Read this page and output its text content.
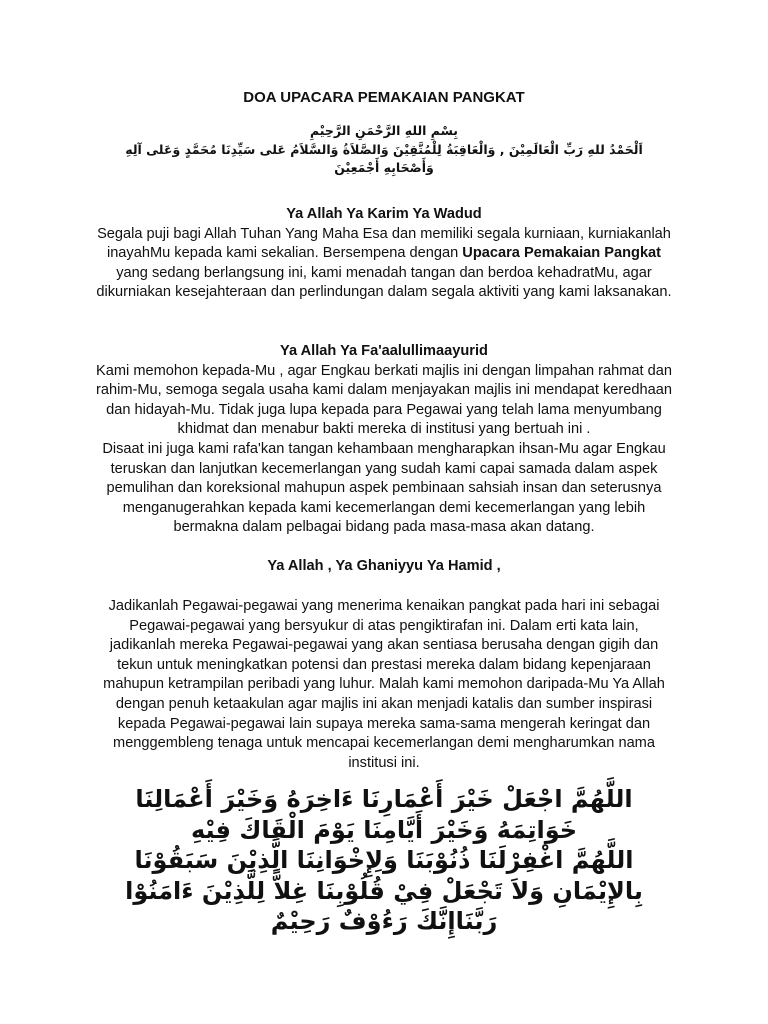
DOA UPACARA PEMAKAIAN PANGKAT
بِسْمِ اللهِ الرَّحْمَنِ الرَّحِيْمِ
اَلْحَمْدُ للهِ رَبِّ الْعَالَمِيْنَ , وَالْعَاقِبَةُ لِلْمُتَّقِيْنَ وَالصَّلاَةُ وَالسَّلاَمُ عَلى سَيِّدِنَا مُحَمَّدٍ وَعَلى آلِهِ
وَأَصْحَابِهِ أَجْمَعِيْنَ
Ya Allah Ya Karim Ya Wadud

Segala puji bagi Allah Tuhan Yang Maha Esa dan memiliki segala kurniaan, kurniakanlah inayahMu kepada kami sekalian. Bersempena dengan Upacara Pemakaian Pangkat yang sedang berlangsung ini, kami menadah tangan dan berdoa kehadratMu, agar dikurniakan kesejahteraan dan perlindungan dalam segala aktiviti yang kami laksanakan.

Ya Allah Ya Fa'aalullimaayurid

Kami memohon kepada-Mu , agar Engkau berkati majlis ini dengan limpahan rahmat dan rahim-Mu, semoga segala usaha kami dalam menjayakan majlis ini mendapat keredhaan dan hidayah-Mu. Tidak juga lupa kepada para Pegawai yang telah lama menyumbang khidmat dan menabur bakti mereka di institusi yang bertuah ini .

Disaat ini juga kami rafa'kan tangan kehambaan mengharapkan ihsan-Mu agar Engkau teruskan dan lanjutkan kecemerlangan yang sudah kami capai samada dalam aspek pemulihan dan koreksional mahupun aspek pembinaan sahsiah insan dan seterusnya menganugerahkan kepada kami kecemerlangan demi kecemerlangan yang lebih bermakna dalam pelbagai bidang pada masa-masa akan datang.

Ya Allah , Ya Ghaniyyu Ya Hamid ,

Jadikanlah Pegawai-pegawai yang menerima kenaikan pangkat pada hari ini sebagai Pegawai-pegawai yang bersyukur di atas pengiktirafan ini. Dalam erti kata lain, jadikanlah mereka Pegawai-pegawai yang akan sentiasa berusaha dengan gigih dan tekun untuk meningkatkan potensi dan prestasi mereka dalam bidang kepenjaraan mahupun ketrampilan peribadi yang luhur. Malah kami memohon daripada-Mu Ya Allah dengan penuh ketaakulan agar majlis ini akan menjadi katalis dan sumber inspirasi kepada Pegawai-pegawai lain supaya mereka sama-sama mengerah keringat dan menggembleng tenaga untuk mencapai kecemerlangan demi mengharumkan nama institusi ini.

اللَّهُمَّ اجْعَلْ خَيْرَ أَعْمَارِنَا ءَاخِرَهُ وَخَيْرَ أَعْمَالِنَا
خَوَاتِمَهُ وَخَيْرَ أَيَّامِنَا يَوْمَ الْقَاكَ فِيْهِ
اللَّهُمَّ اغْفِرْلَنَا ذُنُوْبَنَا وَلِإِخْوَانِنَا الَّذِيْنَ سَبَقُوْنَا
بِالإِيْمَانِ وَلاَ تَجْعَلْ فِيْ قُلُوْبِنَا غِلاًّ لِلَّذِيْنَ ءَامَنُوْا
رَبَّنَاإِنَّكَ رَءُوْفٌ رَحِيْمٌ
